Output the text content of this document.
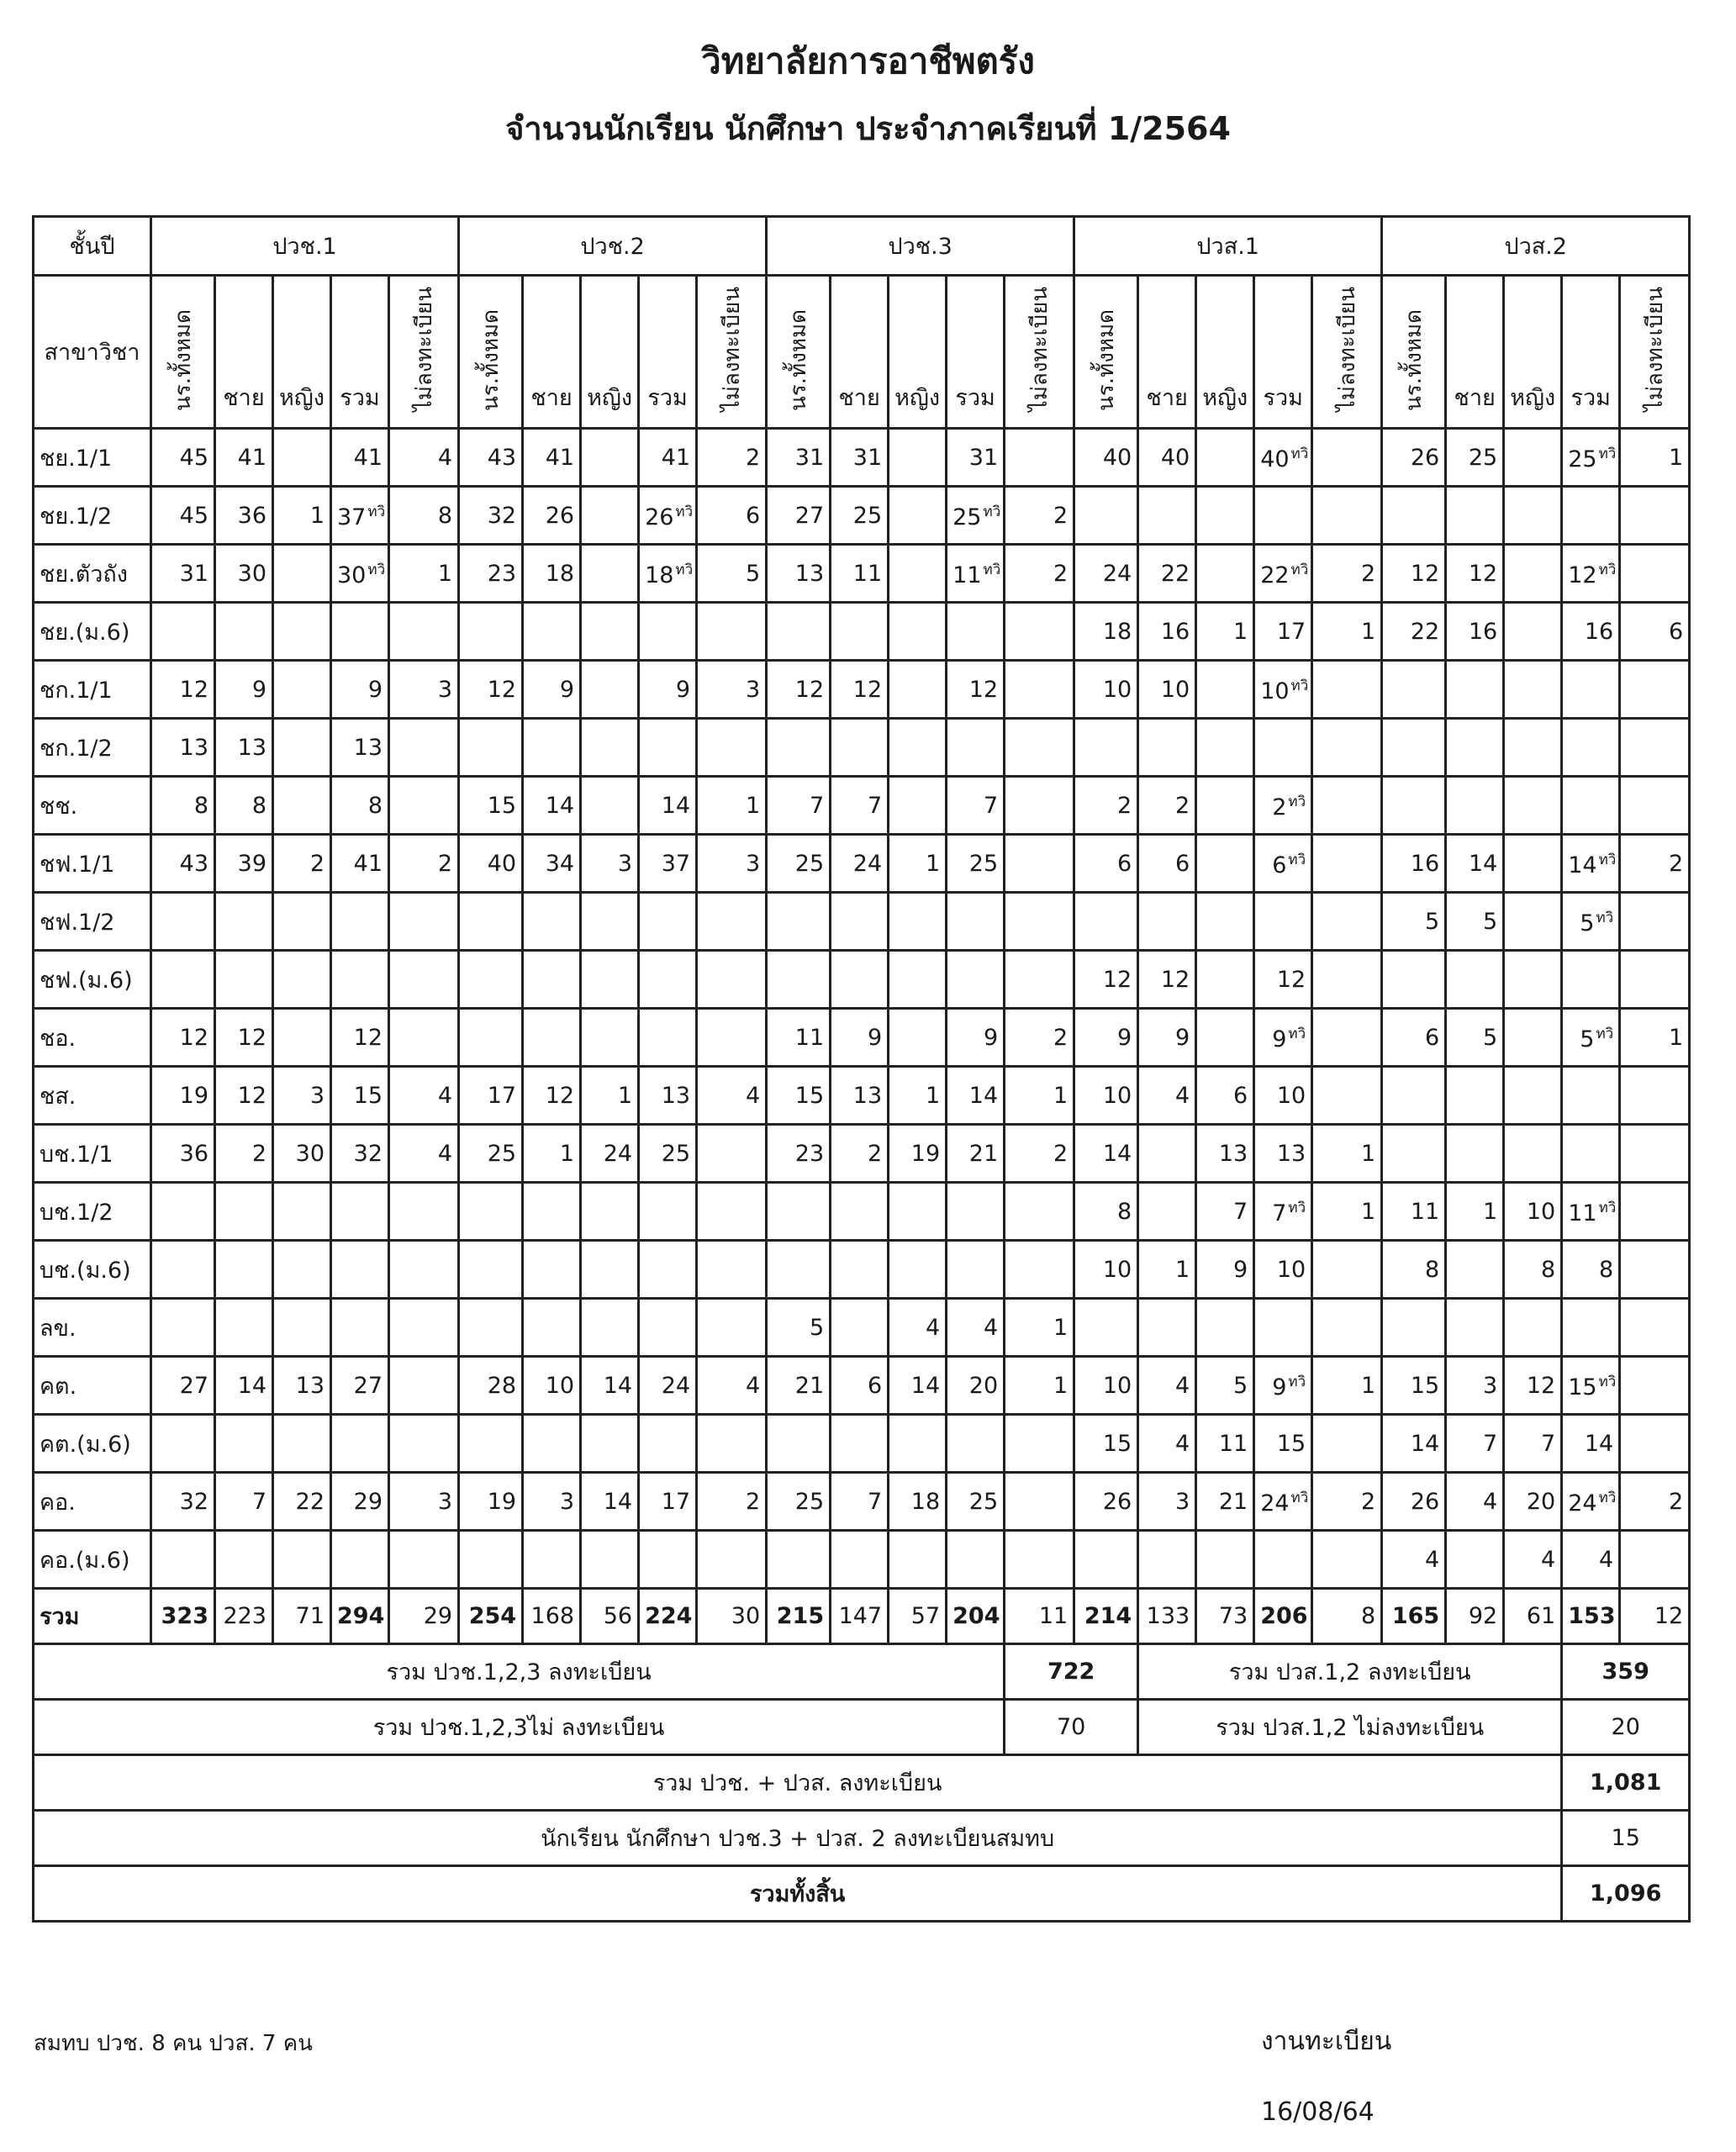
วิทยาลัยการอาชีพตรัง
จำนวนนักเรียน นักศึกษา ประจำภาคเรียนที่ 1/2564
ชั้นปี	ปวช.1					ปวช.2					ปวช.3					ปวส.1					ปวส.2				
สาขาวิชา	นร.ทั้งหมด	ชาย	หญิง	รวม	ไม่ลงทะเบียน	นร.ทั้งหมด	ชาย	หญิง	รวม	ไม่ลงทะเบียน	นร.ทั้งหมด	ชาย	หญิง	รวม	ไม่ลงทะเบียน	นร.ทั้งหมด	ชาย	หญิง	รวม	ไม่ลงทะเบียน	นร.ทั้งหมด	ชาย	หญิง	รวม	ไม่ลงทะเบียน
ชย.1/1	45	41		41	4	43	41		41	2	31	31		31		40	40		40 $^{ทวิ}$		26	25		25 $^{ทวิ}$	1
ชย.1/2	45	36	1	37 $^{ทวิ}$	8	32	26		26 $^{ทวิ}$	6	27	25		25 $^{ทวิ}$	2										
ชย.ตัวถัง	31	30		30 $^{ทวิ}$	1	23	18		18 $^{ทวิ}$	5	13	11		11 $^{ทวิ}$	2	24	22		22 $^{ทวิ}$	2	12	12		12 $^{ทวิ}$	
ชย.(ม.6)																18	16	1	17	1	22	16		16	6
ชก.1/1	12	9		9	3	12	9		9	3	12	12		12		10	10		10 $^{ทวิ}$						
ชก.1/2	13	13		13																					
ชช.	8	8		8		15	14		14	1	7	7		7		2	2		2 $^{ทวิ}$						
ชฟ.1/1	43	39	2	41	2	40	34	3	37	3	25	24	1	25		6	6		6 $^{ทวิ}$		16	14		14 $^{ทวิ}$	2
ชฟ.1/2																					5	5		5 $^{ทวิ}$	
ชฟ.(ม.6)																12	12		12						
ชอ.	12	12		12							11	9		9	2	9	9		9 $^{ทวิ}$		6	5		5 $^{ทวิ}$	1
ชส.	19	12	3	15	4	17	12	1	13	4	15	13	1	14	1	10	4	6	10						
บช.1/1	36	2	30	32	4	25	1	24	25		23	2	19	21	2	14		13	13	1					
บช.1/2																8		7	7 $^{ทวิ}$	1	11	1	10	11 $^{ทวิ}$	
บช.(ม.6)																10	1	9	10		8		8	8	
ลข.											5		4	4	1										
คต.	27	14	13	27		28	10	14	24	4	21	6	14	20	1	10	4	5	9 $^{ทวิ}$	1	15	3	12	15 $^{ทวิ}$	
คต.(ม.6)																15	4	11	15		14	7	7	14	
คอ.	32	7	22	29	3	19	3	14	17	2	25	7	18	25		26	3	21	24 $^{ทวิ}$	2	26	4	20	24 $^{ทวิ}$	2
คอ.(ม.6)																					4		4	4	
รวม	323	223	71	294	29	254	168	56	224	30	215	147	57	204	11	214	133	73	206	8	165	92	61	153	12
รวม ปวช.1,2,3 ลงทะเบียน															722		รวม ปวส.1,2 ลงทะเบียน							359	
รวม ปวช.1,2,3ไม่ ลงทะเบียน															70		รวม ปวส.1,2 ไม่ลงทะเบียน							20	
รวม ปวช. + ปวส. ลงทะเบียน																								1,081	
นักเรียน นักศึกษา ปวช.3 + ปวส. 2 ลงทะเบียนสมทบ																								15	
รวมทั้งสิ้น																								1,096	
สมทบ ปวช. 8 คน ปวส. 7 คน	งานทะเบียน
16/08/64
